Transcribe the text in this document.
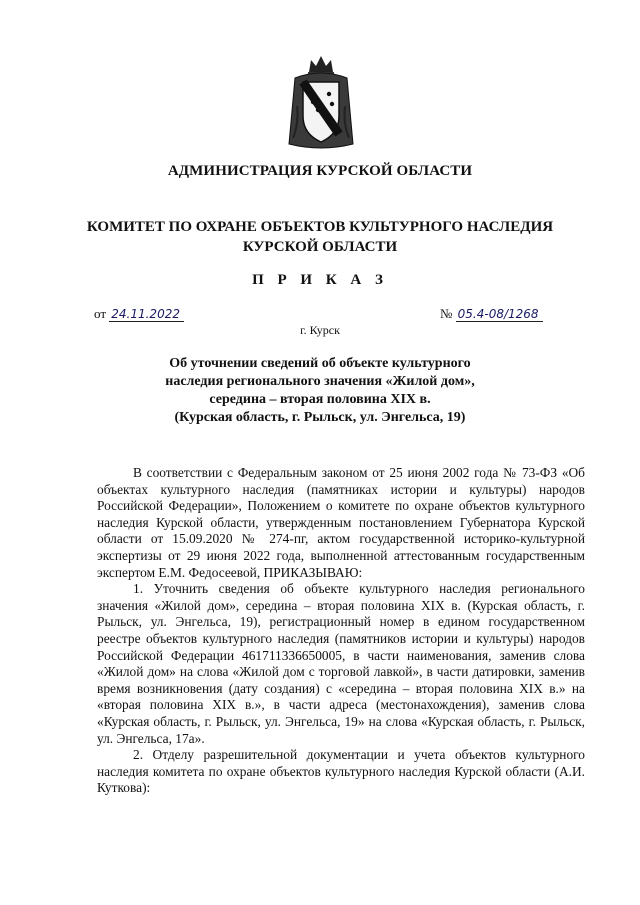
АДМИНИСТРАЦИЯ КУРСКОЙ ОБЛАСТИ
КОМИТЕТ ПО ОХРАНЕ ОБЪЕКТОВ КУЛЬТУРНОГО НАСЛЕДИЯ
КУРСКОЙ ОБЛАСТИ
П Р И К А З
от 24.11.2022	№ 05.4-08/1268
г. Курск
Об уточнении сведений об объекте культурного
наследия регионального значения «Жилой дом»,
середина – вторая половина XIX в.
(Курская область, г. Рыльск, ул. Энгельса, 19)

В соответствии с Федеральным законом от 25 июня 2002 года № 73-ФЗ «Об объектах культурного наследия (памятниках истории и культуры) народов Российской Федерации», Положением о комитете по охране объектов культурного наследия Курской области, утвержденным постановлением Губернатора Курской области от 15.09.2020 № 274-пг, актом государственной историко-культурной экспертизы от 29 июня 2022 года, выполненной аттестованным государственным экспертом Е.М. Федосеевой, ПРИКАЗЫВАЮ:

1. Уточнить сведения об объекте культурного наследия регионального значения «Жилой дом», середина – вторая половина XIX в. (Курская область, г. Рыльск, ул. Энгельса, 19), регистрационный номер в едином государственном реестре объектов культурного наследия (памятников истории и культуры) народов Российской Федерации 461711336650005, в части наименования, заменив слова «Жилой дом» на слова «Жилой дом с торговой лавкой», в части датировки, заменив время возникновения (дату создания) с «середина – вторая половина XIX в.» на «вторая половина XIX в.», в части адреса (местонахождения), заменив слова «Курская область, г. Рыльск, ул. Энгельса, 19» на слова «Курская область, г. Рыльск, ул. Энгельса, 17а».

2. Отделу разрешительной документации и учета объектов культурного наследия комитета по охране объектов культурного наследия Курской области (А.И. Куткова):
